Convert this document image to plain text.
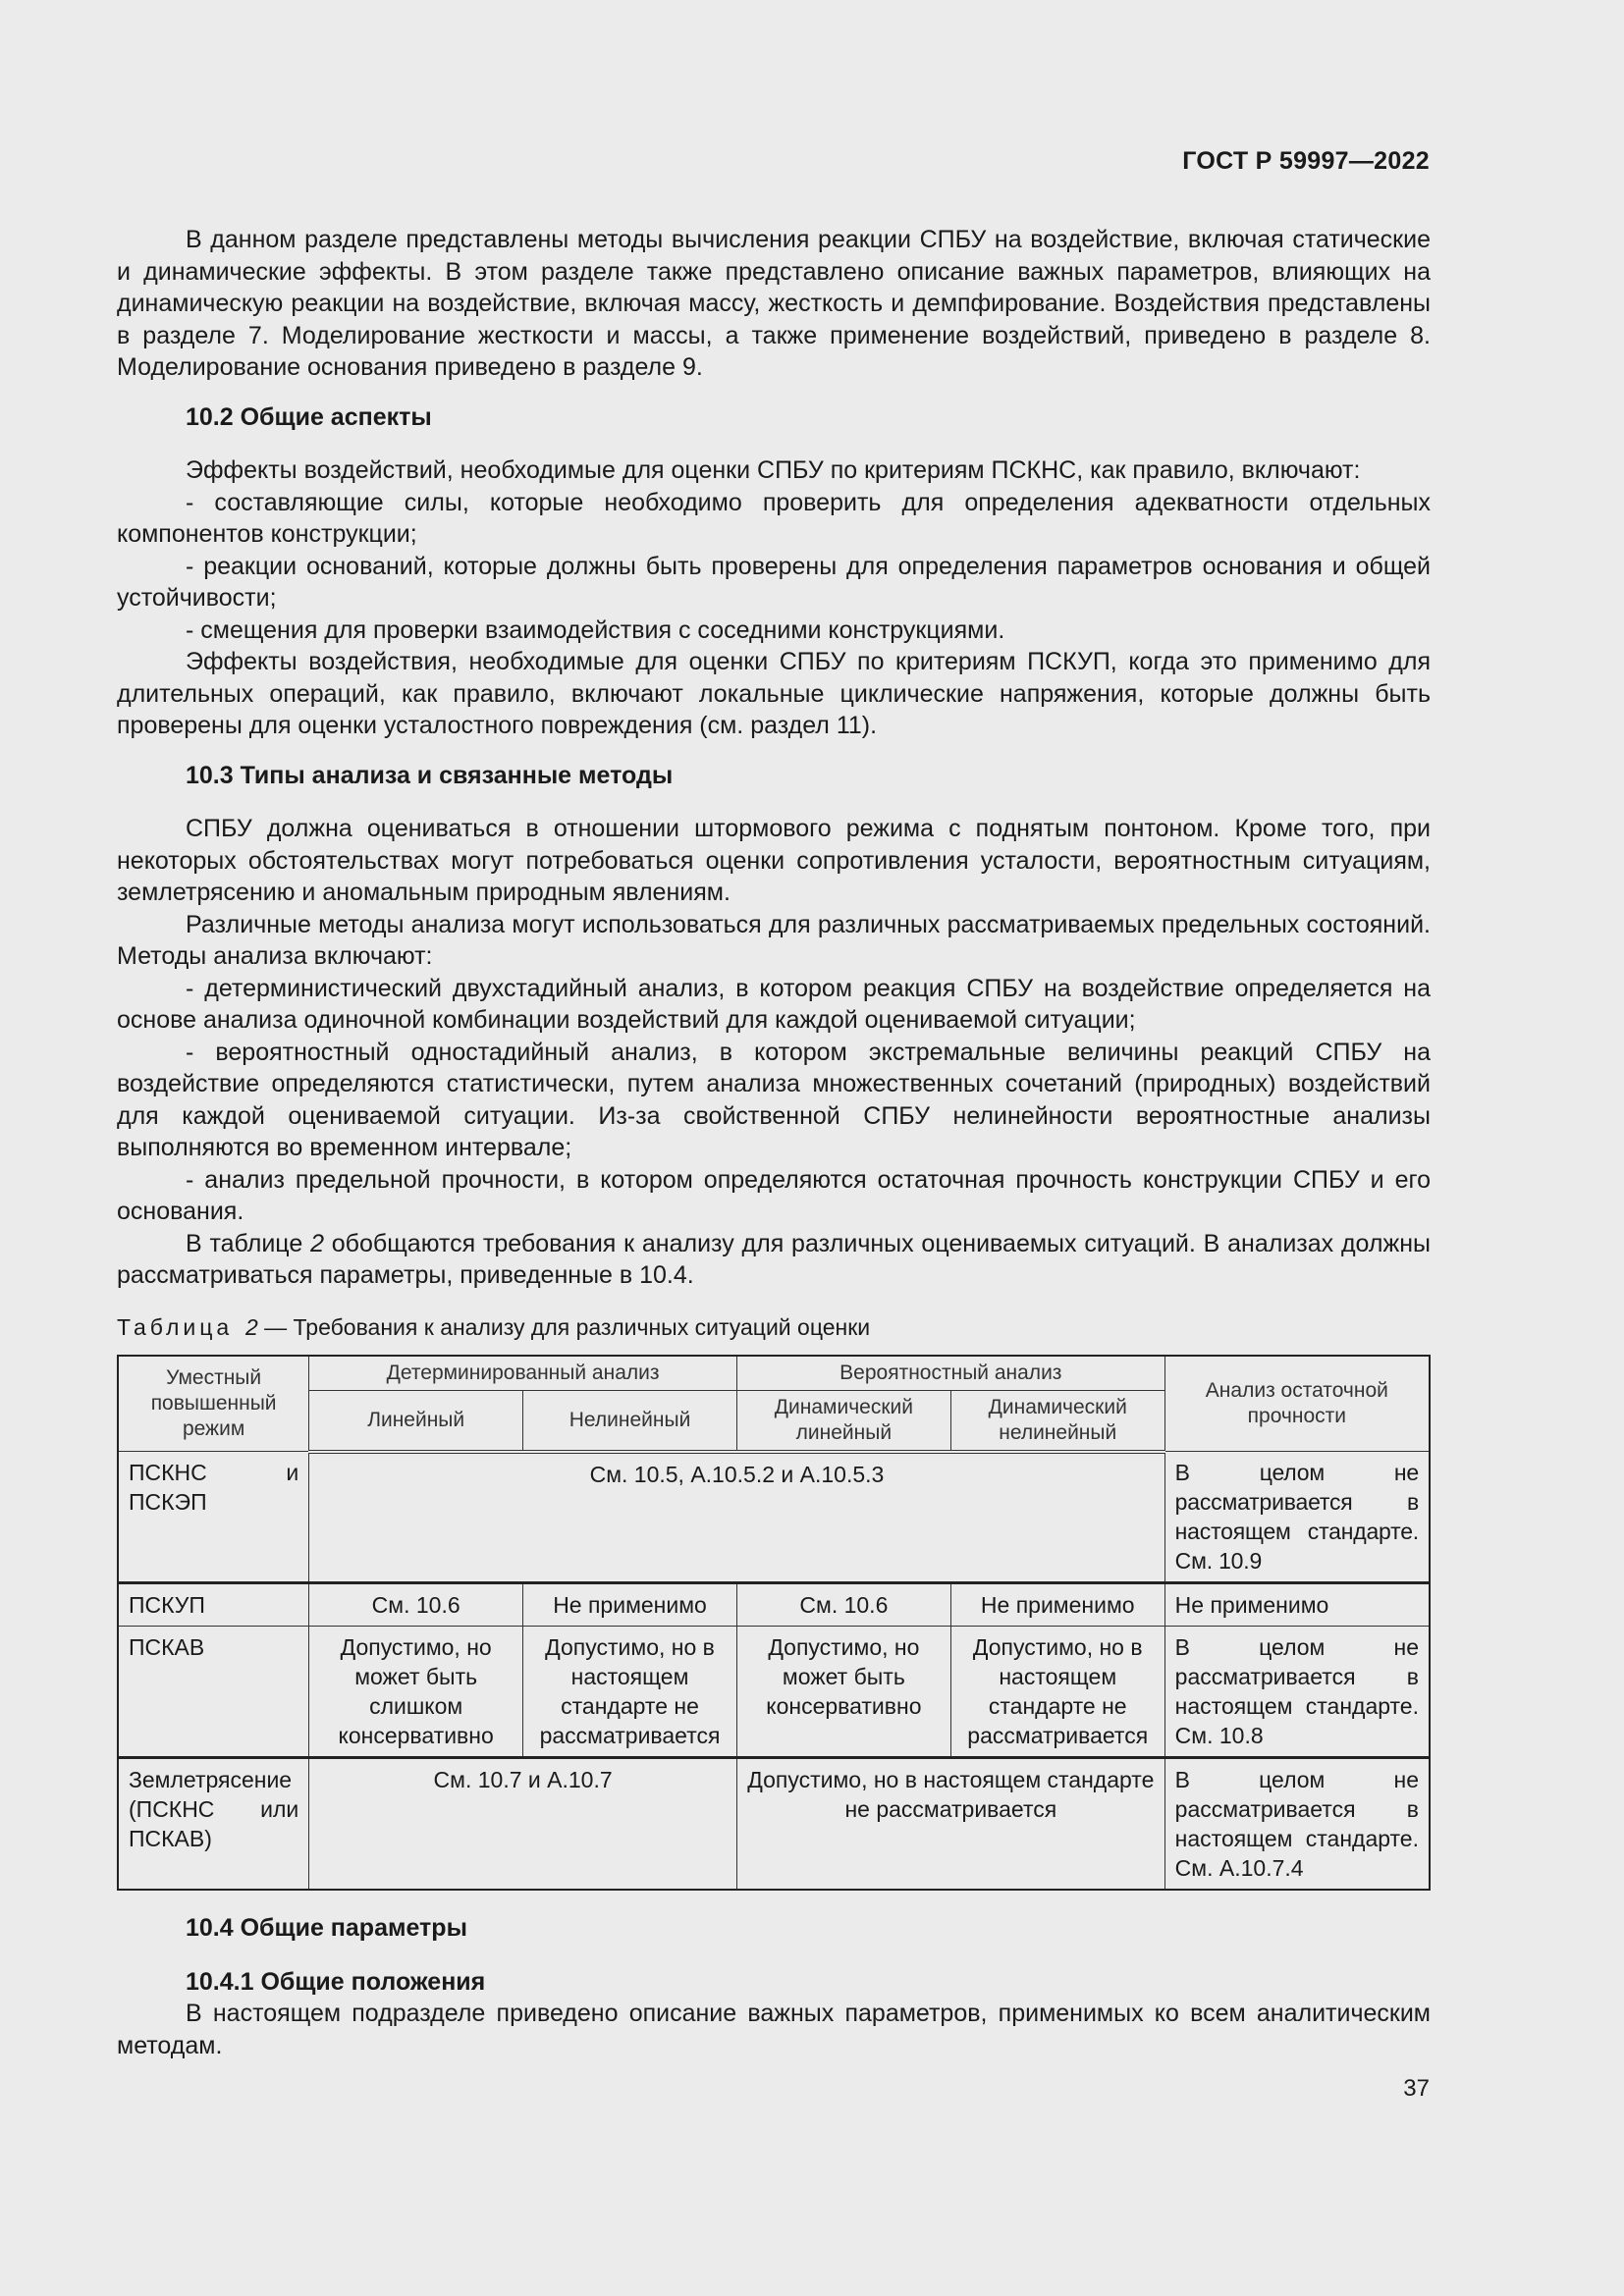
ГОСТ Р 59997—2022

В данном разделе представлены методы вычисления реакции СПБУ на воздействие, включая статические и динамические эффекты. В этом разделе также представлено описание важных параметров, влияющих на динамическую реакции на воздействие, включая массу, жесткость и демпфирование. Воздействия представлены в разделе 7. Моделирование жесткости и массы, а также применение воздействий, приведено в разделе 8. Моделирование основания приведено в разделе 9.

10.2 Общие аспекты

Эффекты воздействий, необходимые для оценки СПБУ по критериям ПСКНС, как правило, включают:

- составляющие силы, которые необходимо проверить для определения адекватности отдельных компонентов конструкции;

- реакции оснований, которые должны быть проверены для определения параметров основания и общей устойчивости;

- смещения для проверки взаимодействия с соседними конструкциями.

Эффекты воздействия, необходимые для оценки СПБУ по критериям ПСКУП, когда это применимо для длительных операций, как правило, включают локальные циклические напряжения, которые должны быть проверены для оценки усталостного повреждения (см. раздел 11).

10.3 Типы анализа и связанные методы

СПБУ должна оцениваться в отношении штормового режима с поднятым понтоном. Кроме того, при некоторых обстоятельствах могут потребоваться оценки сопротивления усталости, вероятностным ситуациям, землетрясению и аномальным природным явлениям.

Различные методы анализа могут использоваться для различных рассматриваемых предельных состояний. Методы анализа включают:

- детерминистический двухстадийный анализ, в котором реакция СПБУ на воздействие определяется на основе анализа одиночной комбинации воздействий для каждой оцениваемой ситуации;

- вероятностный одностадийный анализ, в котором экстремальные величины реакций СПБУ на воздействие определяются статистически, путем анализа множественных сочетаний (природных) воздействий для каждой оцениваемой ситуации. Из-за свойственной СПБУ нелинейности вероятностные анализы выполняются во временном интервале;

- анализ предельной прочности, в котором определяются остаточная прочность конструкции СПБУ и его основания.

В таблице 2 обобщаются требования к анализу для различных оцениваемых ситуаций. В анализах должны рассматриваться параметры, приведенные в 10.4.

Таблица 2 — Требования к анализу для различных ситуаций оценки
Уместный повышенный режим	Детерминированный анализ		Вероятностный анализ		Анализ остаточной прочности
	Линейный	Нелинейный	Динамический линейный	Динамический нелинейный	
ПСКНС и ПСКЭП	См. 10.5, А.10.5.2 и А.10.5.3				В целом не рассматривается в настоящем стандарте. См. 10.9
ПСКУП	См. 10.6	Не применимо	См. 10.6	Не применимо	Не применимо
ПСКАВ	Допустимо, но может быть слишком консервативно	Допустимо, но в настоящем стандарте не рассматривается	Допустимо, но может быть консервативно	Допустимо, но в настоящем стандарте не рассматривается	В целом не рассматривается в настоящем стандарте. См. 10.8
Землетрясение (ПСКНС или ПСКАВ)	См. 10.7 и А.10.7		Допустимо, но в настоящем стандарте не рассматривается		В целом не рассматривается в настоящем стандарте. См. А.10.7.4
10.4 Общие параметры
10.4.1 Общие положения

В настоящем подразделе приведено описание важных параметров, применимых ко всем аналитическим методам.

37
